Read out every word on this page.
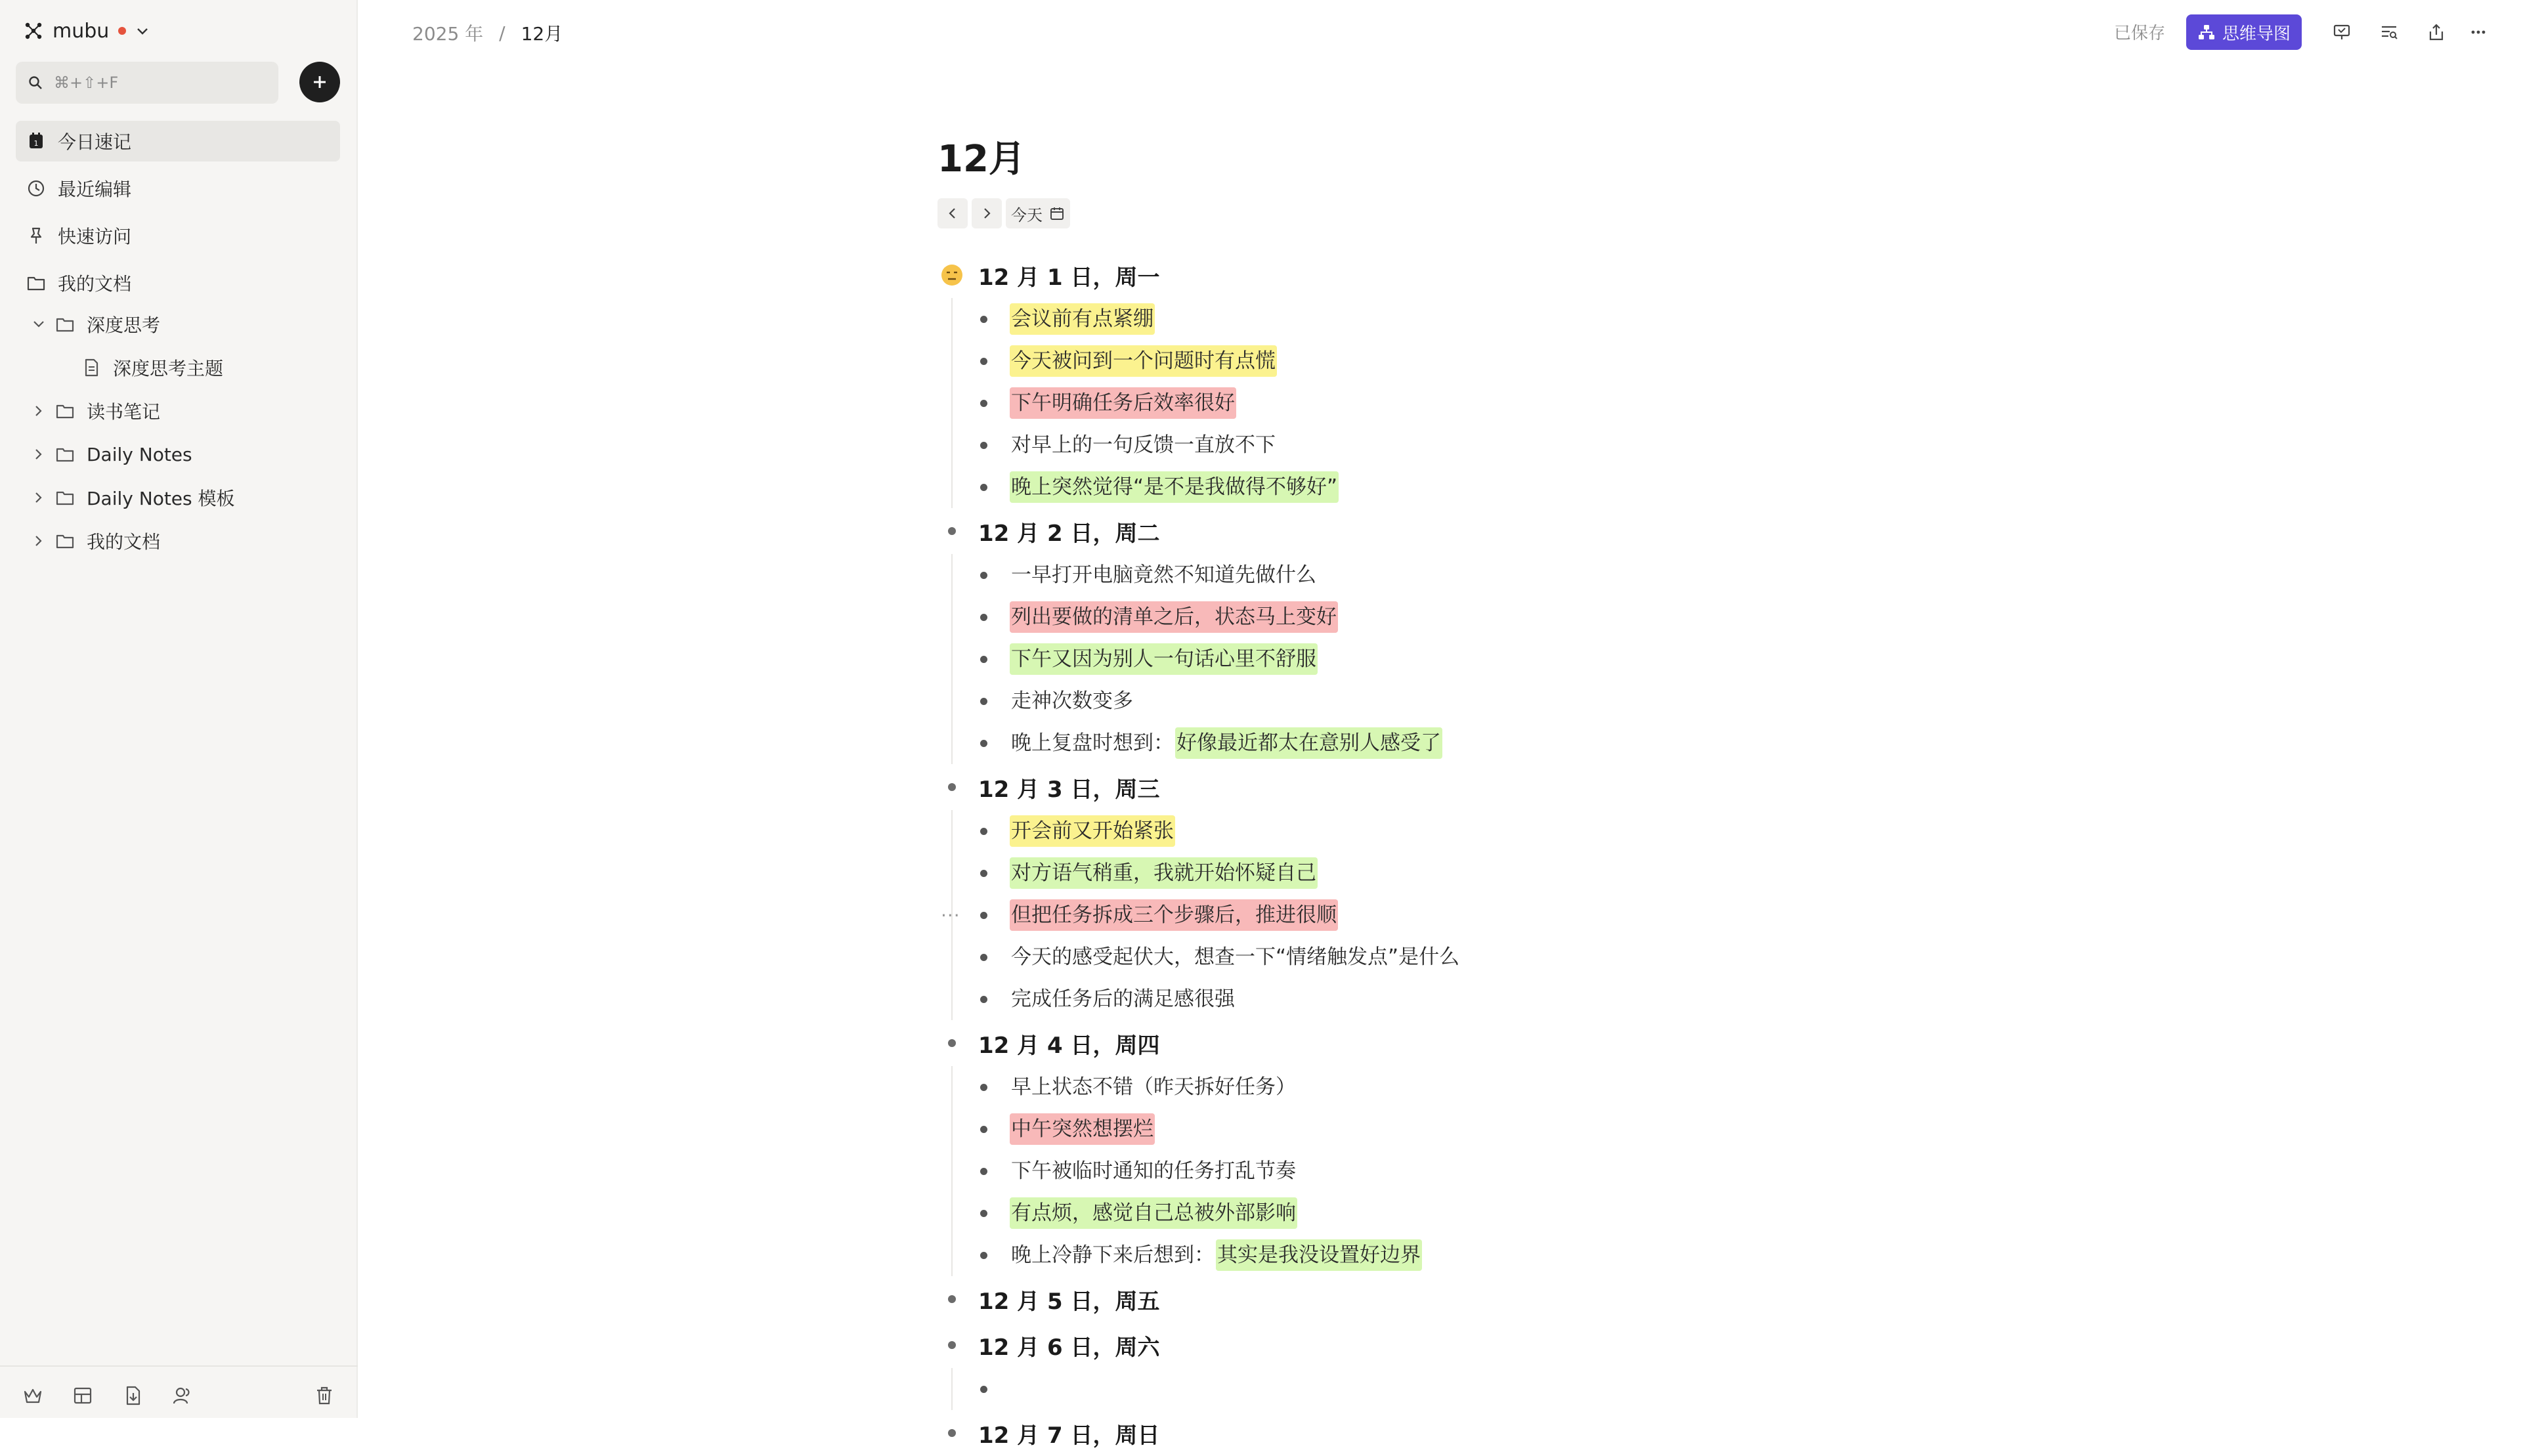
mubu
⌘+⇧+F
1 今日速记
最近编辑
快速访问
我的文档
深度思考
深度思考主题
读书笔记
Daily Notes
Daily Notes 模板
我的文档
2025 年 / 12月	已保存	思维导图
12月
今天
12 月 1 日，周一
会议前有点紧绷
今天被问到一个问题时有点慌
下午明确任务后效率很好
对早上的一句反馈一直放不下
晚上突然觉得“是不是我做得不够好”
12 月 2 日，周二
一早打开电脑竟然不知道先做什么
列出要做的清单之后，状态马上变好
下午又因为别人一句话心里不舒服
走神次数变多
晚上复盘时想到： 好像最近都太在意别人感受了
12 月 3 日，周三
开会前又开始紧张
对方语气稍重，我就开始怀疑自己
··· 但把任务拆成三个步骤后，推进很顺
今天的感受起伏大，想查一下“情绪触发点”是什么
完成任务后的满足感很强
12 月 4 日，周四
早上状态不错（昨天拆好任务）
中午突然想摆烂
下午被临时通知的任务打乱节奏
有点烦，感觉自己总被外部影响
晚上冷静下来后想到： 其实是我没设置好边界
12 月 5 日，周五
12 月 6 日，周六
12 月 7 日，周日
